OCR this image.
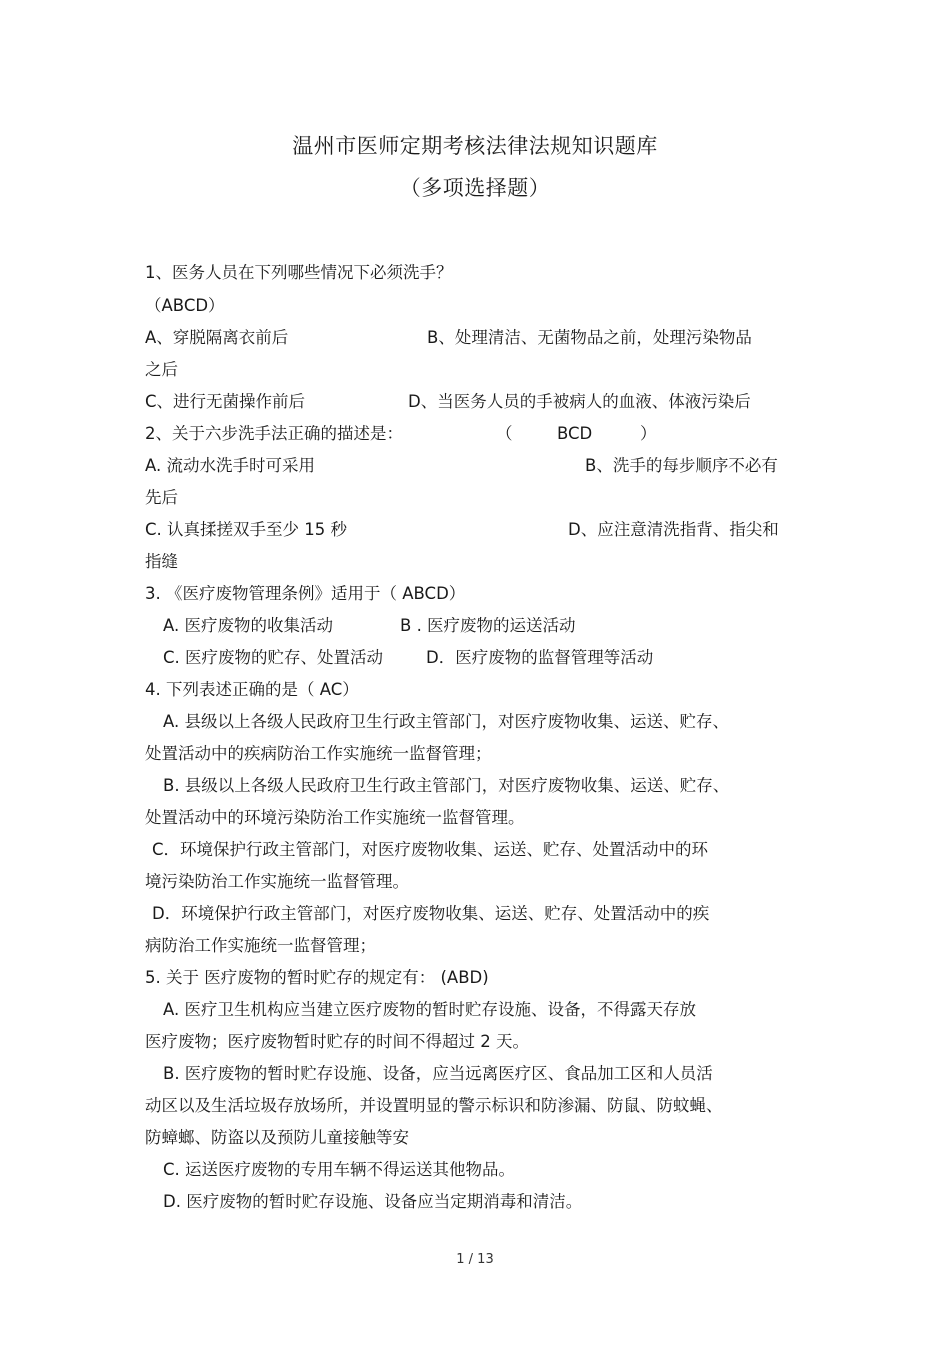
温州市医师定期考核法律法规知识题库
（多项选择题）
1、医务人员在下列哪些情况下必须洗手？
（ABCD）
A、穿脱隔离衣前后	B、处理清洁、无菌物品之前，处理污染物品
之后
C、进行无菌操作前后	D、当医务人员的手被病人的血液、体液污染后
2、关于六步洗手法正确的描述是：	（	BCD	）
A. 流动水洗手时可采用	B、洗手的每步顺序不必有
先后
C. 认真揉搓双手至少 15 秒	D、应注意清洗指背、指尖和
指缝
3. 《医疗废物管理条例》适用于（ ABCD）
A. 医疗废物的收集活动	B . 医疗废物的运送活动
C. 医疗废物的贮存、处置活动	D．医疗废物的监督管理等活动
4. 下列表述正确的是（ AC）
A. 县级以上各级人民政府卫生行政主管部门，对医疗废物收集、运送、贮存、
处置活动中的疾病防治工作实施统一监督管理；
B. 县级以上各级人民政府卫生行政主管部门，对医疗废物收集、运送、贮存、
处置活动中的环境污染防治工作实施统一监督管理。
C．环境保护行政主管部门，对医疗废物收集、运送、贮存、处置活动中的环
境污染防治工作实施统一监督管理。
D．环境保护行政主管部门，对医疗废物收集、运送、贮存、处置活动中的疾
病防治工作实施统一监督管理；
5. 关于 医疗废物的暂时贮存的规定有： (ABD)
A. 医疗卫生机构应当建立医疗废物的暂时贮存设施、设备，不得露天存放
医疗废物；医疗废物暂时贮存的时间不得超过 2 天。
B. 医疗废物的暂时贮存设施、设备，应当远离医疗区、食品加工区和人员活
动区以及生活垃圾存放场所，并设置明显的警示标识和防渗漏、防鼠、防蚊蝇、
防蟑螂、防盗以及预防儿童接触等安
C. 运送医疗废物的专用车辆不得运送其他物品。
D. 医疗废物的暂时贮存设施、设备应当定期消毒和清洁。
1 / 13
